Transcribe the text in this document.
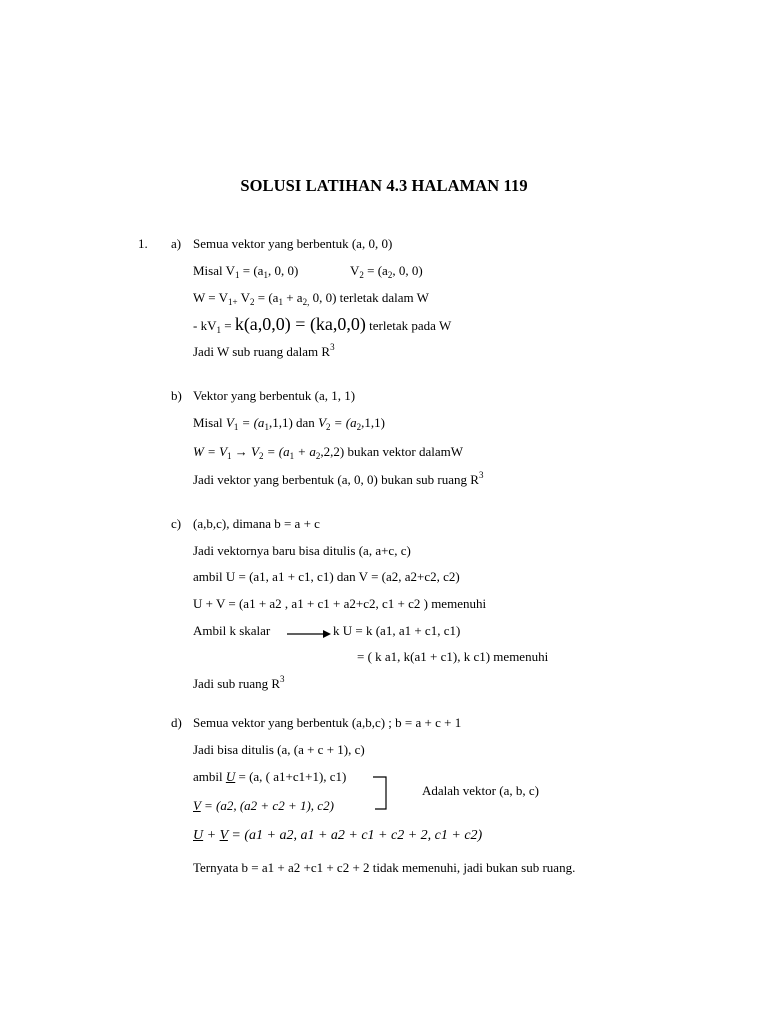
SOLUSI LATIHAN 4.3 HALAMAN 119
1. a) Semua vektor yang berbentuk (a, 0, 0)
Misal $V_1 = (a_1$, 0, 0)	$V_2 = (a_2$, 0, 0)
$W = V_{1+}$ $V_2 = (a_1 + a_{2,}$ 0, 0) terletak dalam W
- $kV_1 = k(a,0,0) = (ka,0,0)$ terletak pada W
Jadi W sub ruang dalam $R^3$
b) Vektor yang berbentuk (a, 1, 1)
Misal $V_1 = (a_1,1,1)$ dan $V_2 = (a_2,1,1)$
$W = V_1 \to V_2 = (a_1 + a_2,2,2)$ bukan vektor dalamW
Jadi vektor yang berbentuk (a, 0, 0) bukan sub ruang $R^3$
c) (a,b,c), dimana b = a + c
Jadi vektornya baru bisa ditulis (a, a+c, c)
ambil U = (a1, a1 + c1, c1) dan V = (a2, a2+c2, c2)
U + V = (a1 + a2 , a1 + c1 + a2+c2, c1 + c2 ) memenuhi
Ambil k skalar	k U = k (a1, a1 + c1, c1)
= ( k a1, k(a1 + c1), k c1) memenuhi
Jadi sub ruang $R^3$
d) Semua vektor yang berbentuk (a,b,c) ; b = a + c + 1
Jadi bisa ditulis (a, (a + c + 1), c)
ambil U = (a, ( a1+c1+1), c1)
V = (a2, (a2 + c2 + 1), c2)
Adalah vektor (a, b, c)
U + V = (a1 + a2, a1 + a2 + c1 + c2 + 2, c1 + c2)
Ternyata b = a1 + a2 +c1 + c2 + 2 tidak memenuhi, jadi bukan sub ruang.
